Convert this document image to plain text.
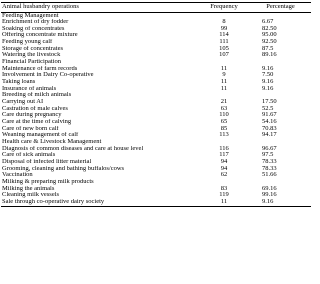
Animal husbandry operations	Frequency	Percentage
Feeding Management		
Enrichment of dry fodder	8	6.67
Soaking of concentrates	99	82.50
Offering concentrate mixture	114	95.00
Feeding young calf	111	92.50
Storage of concentrates	105	87.5
Watering the livestock	107	89.16
Financial Participation		
Maintenance of farm records	11	9.16
Involvement in Dairy Co-operative	9	7.50
Taking loans	11	9.16
Insurance of animals	11	9.16
Breeding of milch animals		
Carrying out AI	21	17.50
Castration of male calves	63	52.5
Care during pregnancy	110	91.67
Care at the time of calving	65	54.16
Care of new born calf	85	70.83
Weaning management of calf	113	94.17
Health care & Livestock Management		
Diagnosis of common diseases and care at house level	116	96.67
Care of sick animals	117	97.5
Disposal of infected litter material	94	78.33
Grooming, cleaning and bathing buffalos/cows	94	78.33
Vaccination	62	51.66
Milking & preparing milk products		
Milking the animals	83	69.16
Cleaning milk vessels	119	99.16
Sale through co-operative dairy society	11	9.16
